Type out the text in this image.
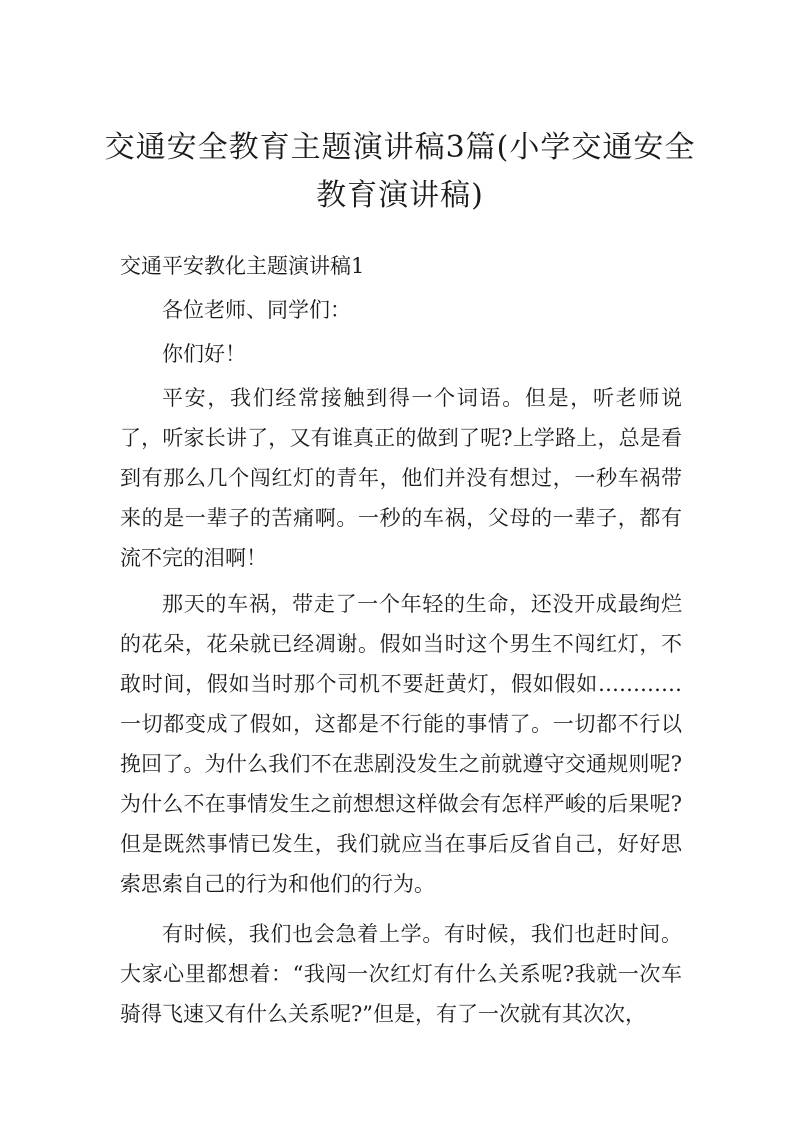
交通安全教育主题演讲稿3篇(小学交通安全教育演讲稿)

交通平安教化主题演讲稿1

各位老师、同学们：

你们好！

平安，我们经常接触到得一个词语。但是，听老师说了，听家长讲了，又有谁真正的做到了呢?上学路上，总是看到有那么几个闯红灯的青年，他们并没有想过，一秒车祸带来的是一辈子的苦痛啊。一秒的车祸，父母的一辈子，都有流不完的泪啊！

那天的车祸，带走了一个年轻的生命，还没开成最绚烂的花朵，花朵就已经凋谢。假如当时这个男生不闯红灯，不敢时间，假如当时那个司机不要赶黄灯，假如假如…………一切都变成了假如，这都是不行能的事情了。一切都不行以挽回了。为什么我们不在悲剧没发生之前就遵守交通规则呢?为什么不在事情发生之前想想这样做会有怎样严峻的后果呢?但是既然事情已发生，我们就应当在事后反省自己，好好思索思索自己的行为和他们的行为。

有时候，我们也会急着上学。有时候，我们也赶时间。大家心里都想着：“我闯一次红灯有什么关系呢?我就一次车骑得飞速又有什么关系呢?”但是，有了一次就有其次次，
